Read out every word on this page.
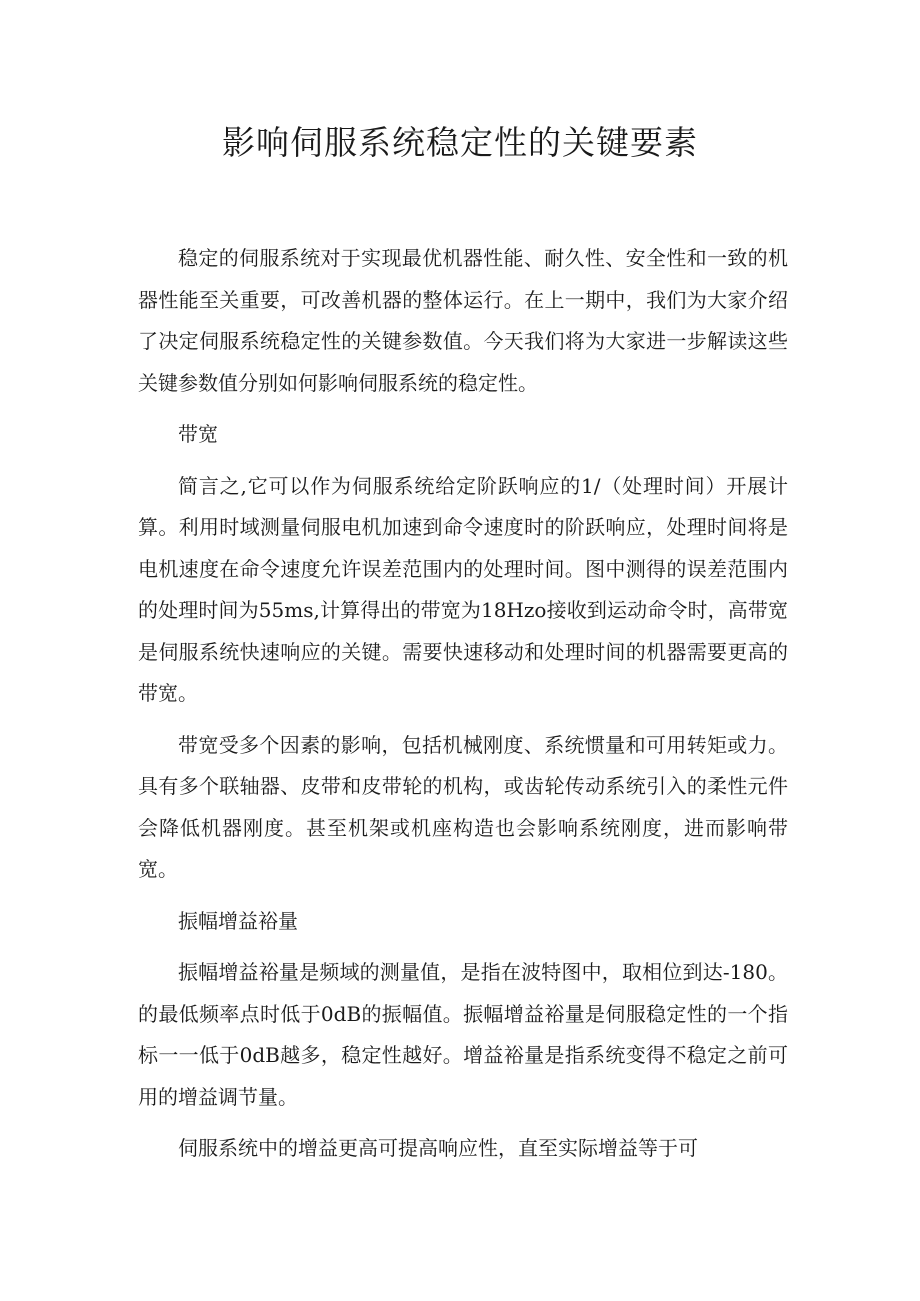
影响伺服系统稳定性的关键要素

稳定的伺服系统对于实现最优机器性能、耐久性、安全性和一致的机器性能至关重要，可改善机器的整体运行。在上一期中，我们为大家介绍了决定伺服系统稳定性的关键参数值。今天我们将为大家进一步解读这些关键参数值分别如何影响伺服系统的稳定性。

带宽

简言之,它可以作为伺服系统给定阶跃响应的1/（处理时间）开展计算。利用时域测量伺服电机加速到命令速度时的阶跃响应，处理时间将是电机速度在命令速度允许误差范围内的处理时间。图中测得的误差范围内的处理时间为55ms,计算得出的带宽为18Hzo接收到运动命令时，高带宽是伺服系统快速响应的关键。需要快速移动和处理时间的机器需要更高的带宽。

带宽受多个因素的影响，包括机械刚度、系统惯量和可用转矩或力。具有多个联轴器、皮带和皮带轮的机构，或齿轮传动系统引入的柔性元件会降低机器刚度。甚至机架或机座构造也会影响系统刚度，进而影响带宽。

振幅增益裕量

振幅增益裕量是频域的测量值，是指在波特图中，取相位到达-180。的最低频率点时低于0dB的振幅值。振幅增益裕量是伺服稳定性的一个指标一一低于0dB越多，稳定性越好。增益裕量是指系统变得不稳定之前可用的增益调节量。

伺服系统中的增益更高可提高响应性，直至实际增益等于可
